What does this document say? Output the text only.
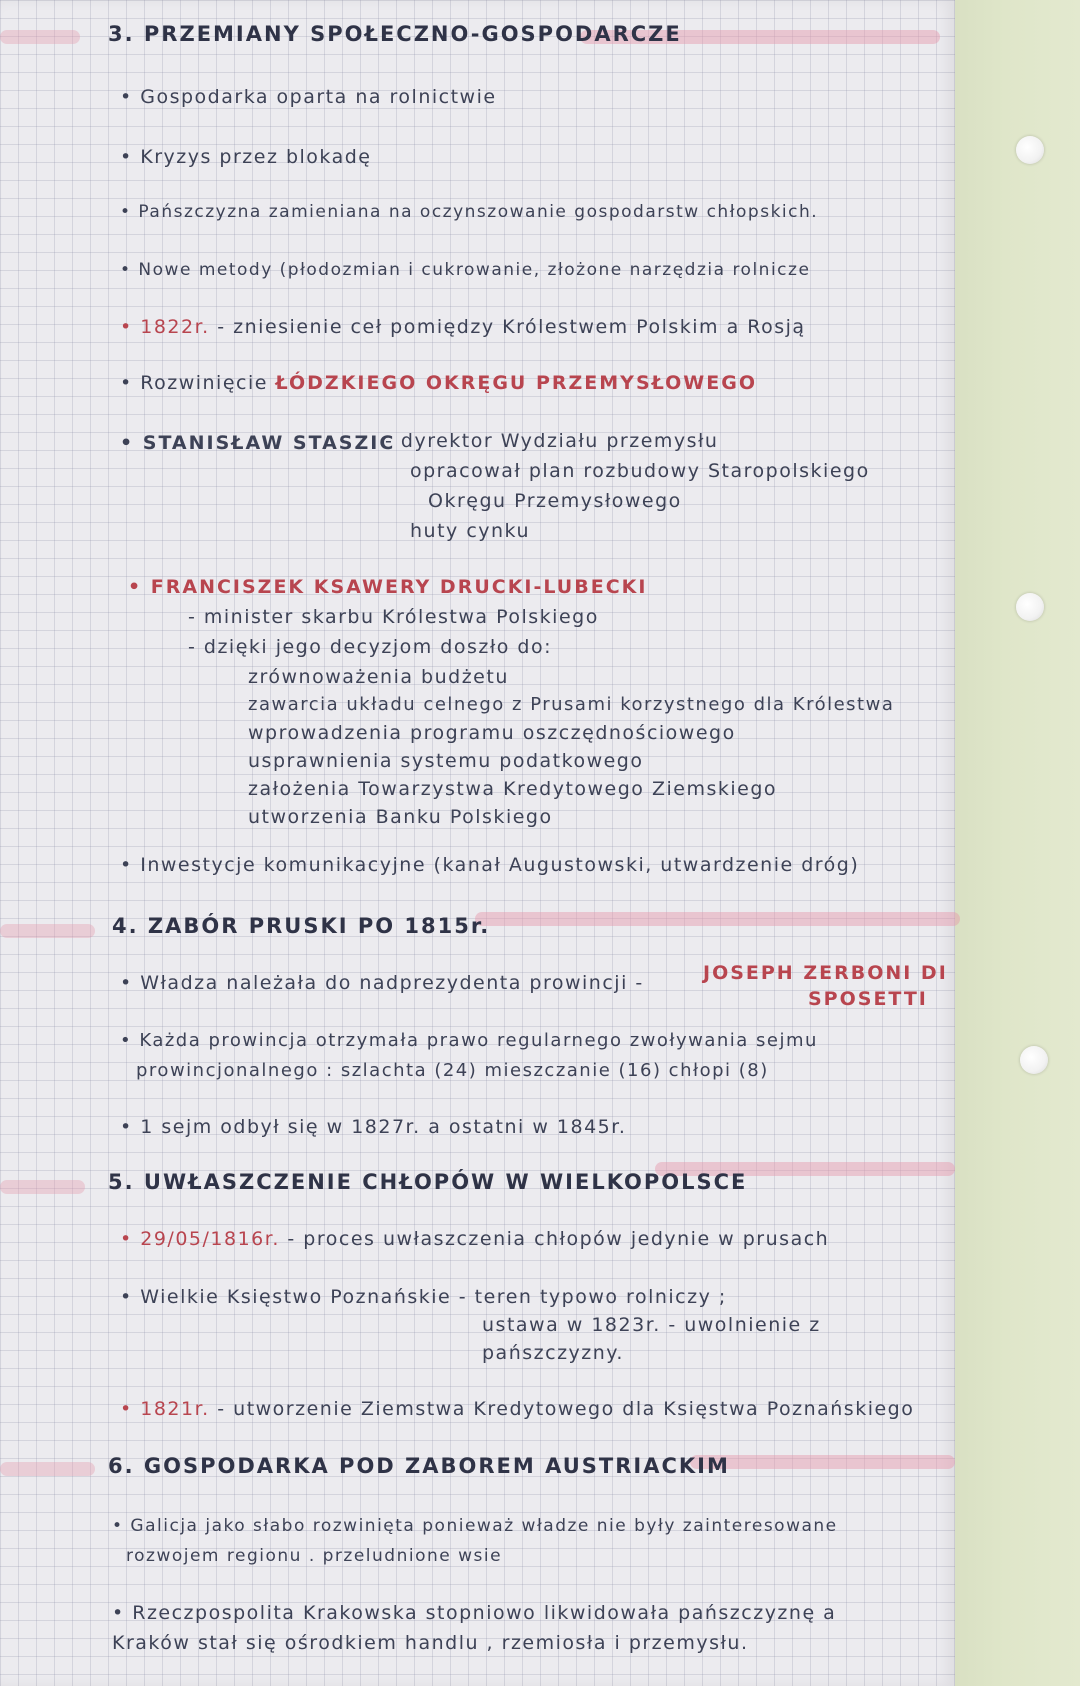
3. PRZEMIANY SPOŁECZNO-GOSPODARCZE
• Gospodarka oparta na rolnictwie
• Kryzys przez blokadę
• Pańszczyzna zamieniana na oczynszowanie gospodarstw chłopskich.
• Nowe metody (płodozmian i cukrowanie, złożone narzędzia rolnicze
• 1822r. - zniesienie ceł pomiędzy Królestwem Polskim a Rosją
• Rozwinięcie ŁÓDZKIEGO OKRĘGU PRZEMYSŁOWEGO
• STANISŁAW STASZIC
- dyrektor Wydziału przemysłu
opracował plan rozbudowy Staropolskiego
Okręgu Przemysłowego
huty cynku
• FRANCISZEK KSAWERY DRUCKI-LUBECKI
- minister skarbu Królestwa Polskiego
- dzięki jego decyzjom doszło do:
zrównoważenia budżetu
zawarcia układu celnego z Prusami korzystnego dla Królestwa
wprowadzenia programu oszczędnościowego
usprawnienia systemu podatkowego
założenia Towarzystwa Kredytowego Ziemskiego
utworzenia Banku Polskiego
• Inwestycje komunikacyjne (kanał Augustowski, utwardzenie dróg)
4. ZABÓR PRUSKI PO 1815r.
• Władza należała do nadprezydenta prowincji -	JOSEPH ZERBONI DI
SPOSETTI
• Każda prowincja otrzymała prawo regularnego zwoływania sejmu
prowincjonalnego : szlachta (24) mieszczanie (16) chłopi (8)
• 1 sejm odbył się w 1827r. a ostatni w 1845r.
5. UWŁASZCZENIE CHŁOPÓW W WIELKOPOLSCE
• 29/05/1816r. - proces uwłaszczenia chłopów jedynie w prusach
• Wielkie Księstwo Poznańskie - teren typowo rolniczy ;
ustawa w 1823r. - uwolnienie z
pańszczyzny.
• 1821r. - utworzenie Ziemstwa Kredytowego dla Księstwa Poznańskiego
6. GOSPODARKA POD ZABOREM AUSTRIACKIM
• Galicja jako słabo rozwinięta ponieważ władze nie były zainteresowane
rozwojem regionu . przeludnione wsie
• Rzeczpospolita Krakowska stopniowo likwidowała pańszczyznę a
Kraków stał się ośrodkiem handlu , rzemiosła i przemysłu.
